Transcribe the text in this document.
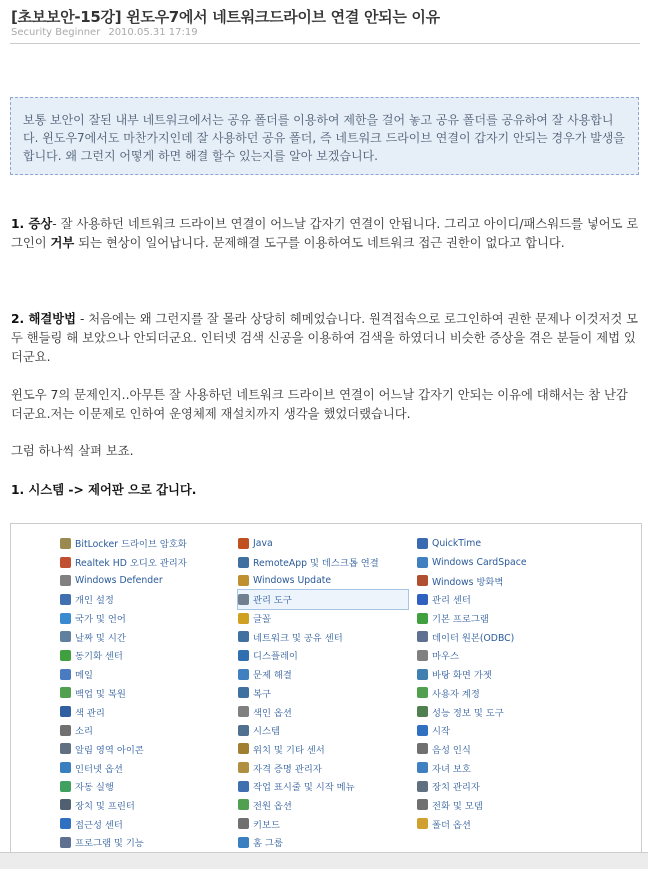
[초보보안-15강] 윈도우7에서 네트워크드라이브 연결 안되는 이유
Security Beginner 2010.05.31 17:19
보통 보안이 잘된 내부 네트워크에서는 공유 폴더를 이용하여 제한을 걸어 놓고 공유 폴더를 공유하여 잘 사용합니다. 윈도우7에서도 마찬가지인데 잘 사용하던 공유 폴더, 즉 네트워크 드라이브 연결이 갑자기 안되는 경우가 발생을 합니다. 왜 그런지 어떻게 하면 해결 할수 있는지를 알아 보겠습니다.

1. 증상- 잘 사용하던 네트워크 드라이브 연결이 어느날 갑자기 연결이 안됩니다. 그리고 아이디/패스워드를 넣어도 로그인이 거부 되는 현상이 일어납니다. 문제해결 도구를 이용하여도 네트워크 접근 권한이 없다고 합니다.

2. 해결방법 - 처음에는 왜 그런지를 잘 몰라 상당히 헤메었습니다. 원격접속으로 로그인하여 권한 문제나 이것저것 모두 핸들링 해 보았으나 안되더군요. 인터넷 검색 신공을 이용하여 검색을 하였더니 비슷한 증상을 겪은 분들이 제법 있더군요.

윈도우 7의 문제인지..아무튼 잘 사용하던 네트워크 드라이브 연결이 어느날 갑자기 안되는 이유에 대해서는 참 난감더군요.저는 이문제로 인하여 운영체제 재설치까지 생각을 했었더랬습니다.

그럼 하나씩 살펴 보죠.

1. 시스템 -> 제어판 으로 갑니다.

BitLocker 드라이브 암호화
Realtek HD 오디오 관리자
Windows Defender
개인 설정
국가 및 언어
날짜 및 시간
동기화 센터
메일
백업 및 복원
색 관리
소리
알림 영역 아이콘
인터넷 옵션
자동 실행
장치 및 프린터
접근성 센터
프로그램 및 기능
Java
RemoteApp 및 데스크톱 연결
Windows Update
관리 도구
글꼴
네트워크 및 공유 센터
디스플레이
문제 해결
복구
색인 옵션
시스템
위치 및 기타 센서
자격 증명 관리자
작업 표시줄 및 시작 메뉴
전원 옵션
키보드
홈 그룹
QuickTime
Windows CardSpace
Windows 방화벽
관리 센터
기본 프로그램
데이터 원본(ODBC)
마우스
바탕 화면 가젯
사용자 계정
성능 정보 및 도구
시작
음성 인식
자녀 보호
장치 관리자
전화 및 모뎀
폴더 옵션
